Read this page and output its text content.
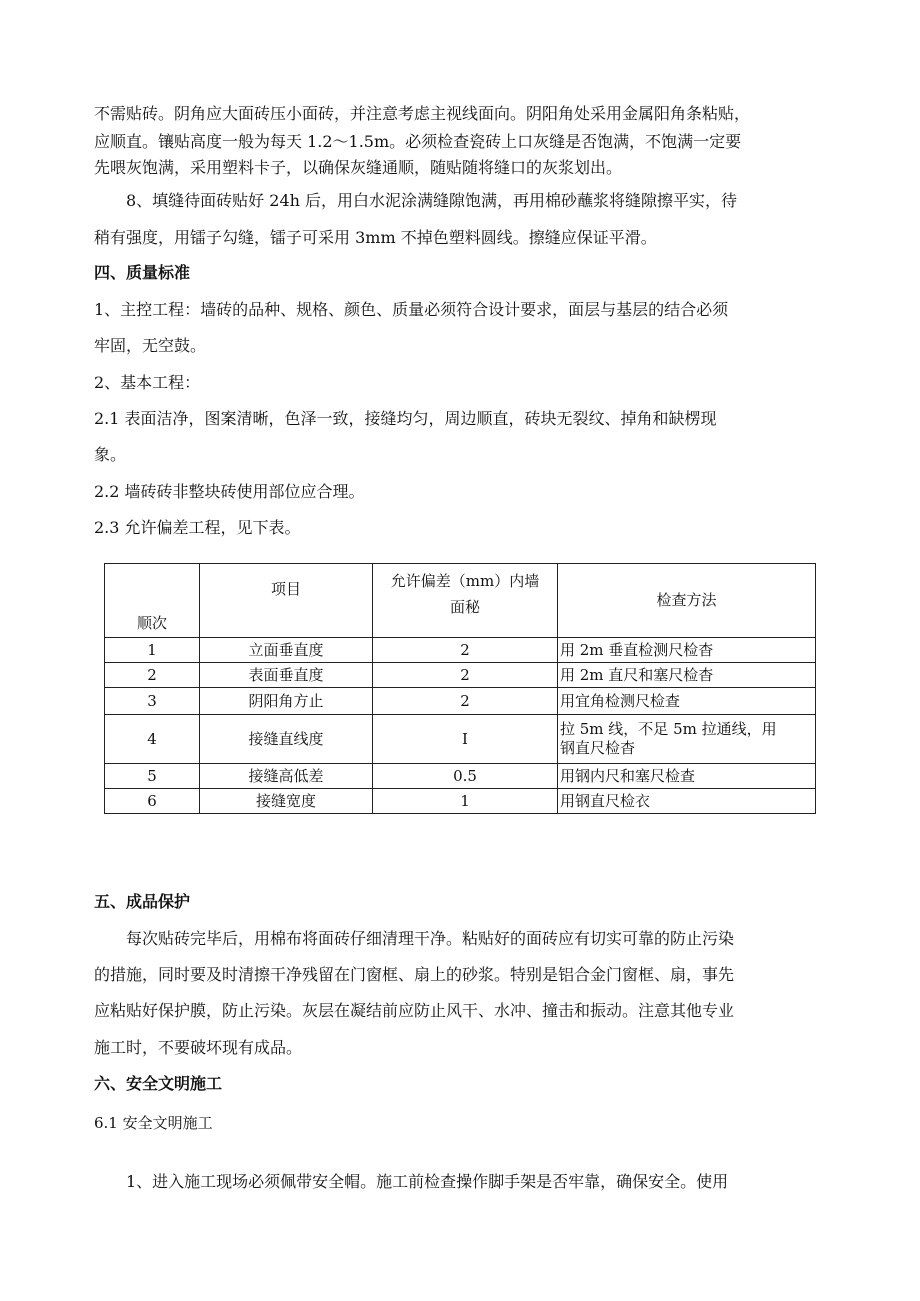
不需贴砖。阴角应大面砖压小面砖，并注意考虑主视线面向。阴阳角处采用金属阳角条粘贴，
应顺直。镶贴高度一般为每天 1.2～1.5m。必须检查瓷砖上口灰缝是否饱满，不饱满一定要
先喂灰饱满，采用塑料卡子，以确保灰缝通顺，随贴随将缝口的灰浆划出。
8、填缝待面砖贴好 24h 后，用白水泥涂满缝隙饱满，再用棉砂蘸浆将缝隙擦平实，待
稍有强度，用镭子勾缝，镭子可采用 3mm 不掉色塑料圆线。擦缝应保证平滑。
四、质量标准
1、主控工程：墙砖的品种、规格、颜色、质量必须符合设计要求，面层与基层的结合必须
牢固，无空鼓。
2、基本工程：
2.1 表面洁净，图案清晰，色泽一致，接缝均匀，周边顺直，砖块无裂纹、掉角和缺楞现
象。
2.2 墙砖砖非整块砖使用部位应合理。
2.3 允许偏差工程，见下表。
顺次	项目	允许偏差（mm）内墙
面秘	检查方法
1	立面垂直度	2	用 2m 垂直检测尺检杳
2	表面垂直度	2	用 2m 直尺和塞尺检杳
3	阴阳角方止	2	用宜角检测尺检查
4	接缝直线度	I	拉 5m 线，不足 5m 拉通线，用
钢直尺检杳

5	接缝高低差	0.5	用钢内尺和塞尺检查
6	接缝宽度	1	用钢直尺检衣
五、成品保护
每次贴砖完毕后，用棉布将面砖仔细清理干净。粘贴好的面砖应有切实可靠的防止污染
的措施，同时要及时清擦干净残留在门窗框、扇上的砂浆。特别是铝合金门窗框、扇，事先
应粘贴好保护膜，防止污染。灰层在凝结前应防止风干、水冲、撞击和振动。注意其他专业
施工时，不要破坏现有成品。
六、安全文明施工
6.1 安全文明施工
1、进入施工现场必须佩带安全帽。施工前检查操作脚手架是否牢靠，确保安全。使用
